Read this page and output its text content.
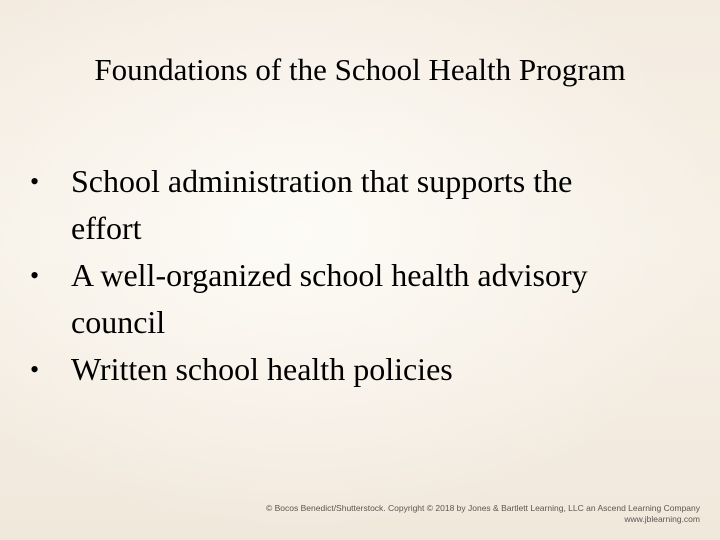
Foundations of the School Health Program
• School administration that supports the
effort
• A well-organized school health advisory
council
• Written school health policies
© Bocos Benedict/Shutterstock. Copyright © 2018 by Jones & Bartlett Learning, LLC an Ascend Learning Company
www.jblearning.com
